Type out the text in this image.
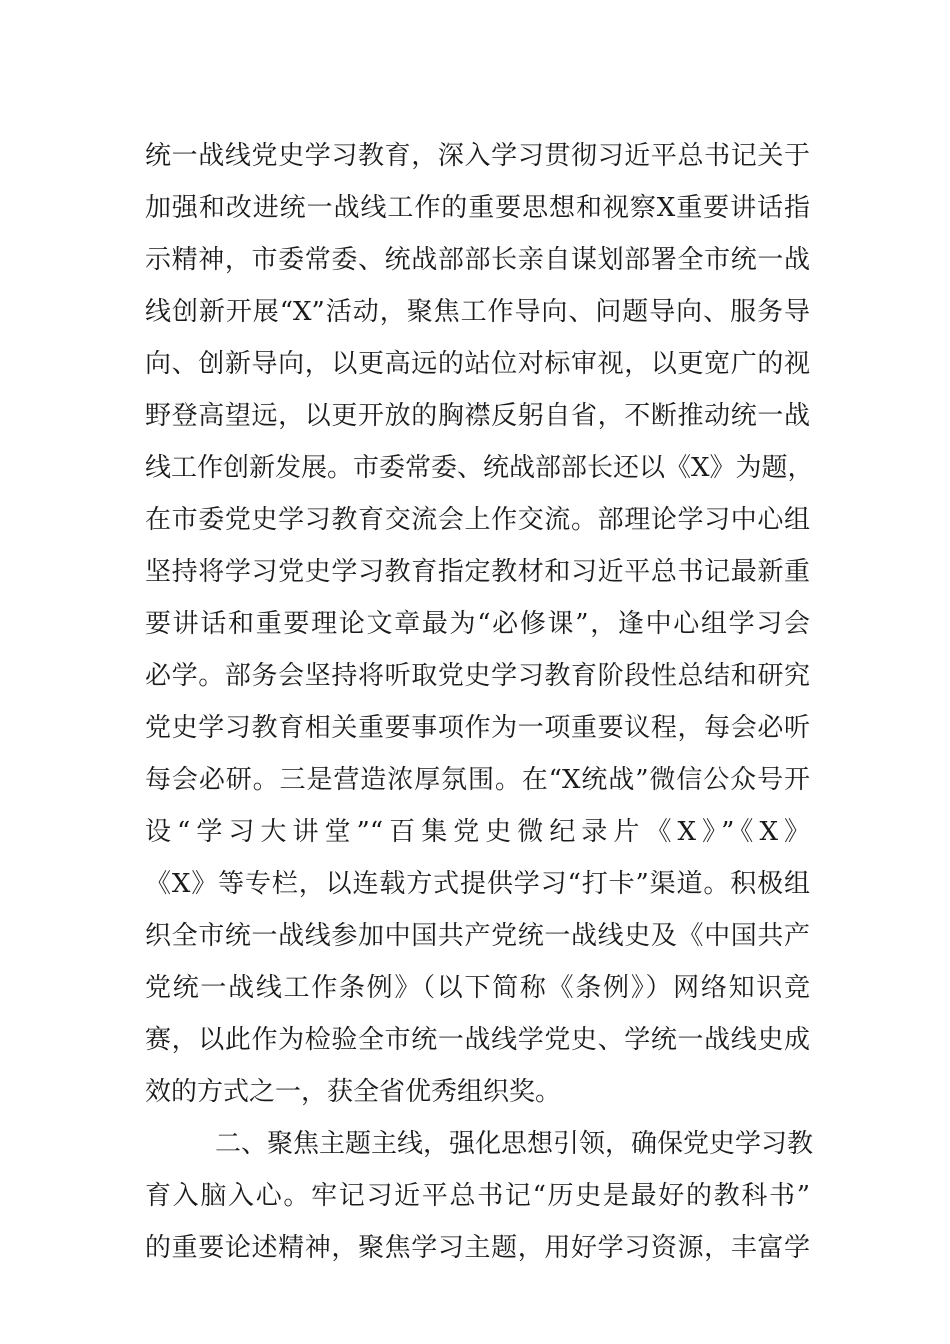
统一战线党史学习教育，深入学习贯彻习近平总书记关于
加强和改进统一战线工作的重要思想和视察X重要讲话指
示精神，市委常委、统战部部长亲自谋划部署全市统一战
线创新开展“X”活动，聚焦工作导向、问题导向、服务导
向、创新导向，以更高远的站位对标审视，以更宽广的视
野登高望远，以更开放的胸襟反躬自省，不断推动统一战
线工作创新发展。市委常委、统战部部长还以《X》为题，
在市委党史学习教育交流会上作交流。部理论学习中心组
坚持将学习党史学习教育指定教材和习近平总书记最新重
要讲话和重要理论文章最为“必修课”，逢中心组学习会
必学。部务会坚持将听取党史学习教育阶段性总结和研究
党史学习教育相关重要事项作为一项重要议程，每会必听
每会必研。三是营造浓厚氛围。在“X统战”微信公众号开
设“学习大讲堂”“百集党史微纪录片《X》”《X》
《X》等专栏，以连载方式提供学习“打卡”渠道。积极组
织全市统一战线参加中国共产党统一战线史及《中国共产
党统一战线工作条例》（以下简称《条例》）网络知识竞
赛，以此作为检验全市统一战线学党史、学统一战线史成
效的方式之一，获全省优秀组织奖。
二、聚焦主题主线，强化思想引领，确保党史学习教
育入脑入心。牢记习近平总书记“历史是最好的教科书”
的重要论述精神，聚焦学习主题，用好学习资源，丰富学
